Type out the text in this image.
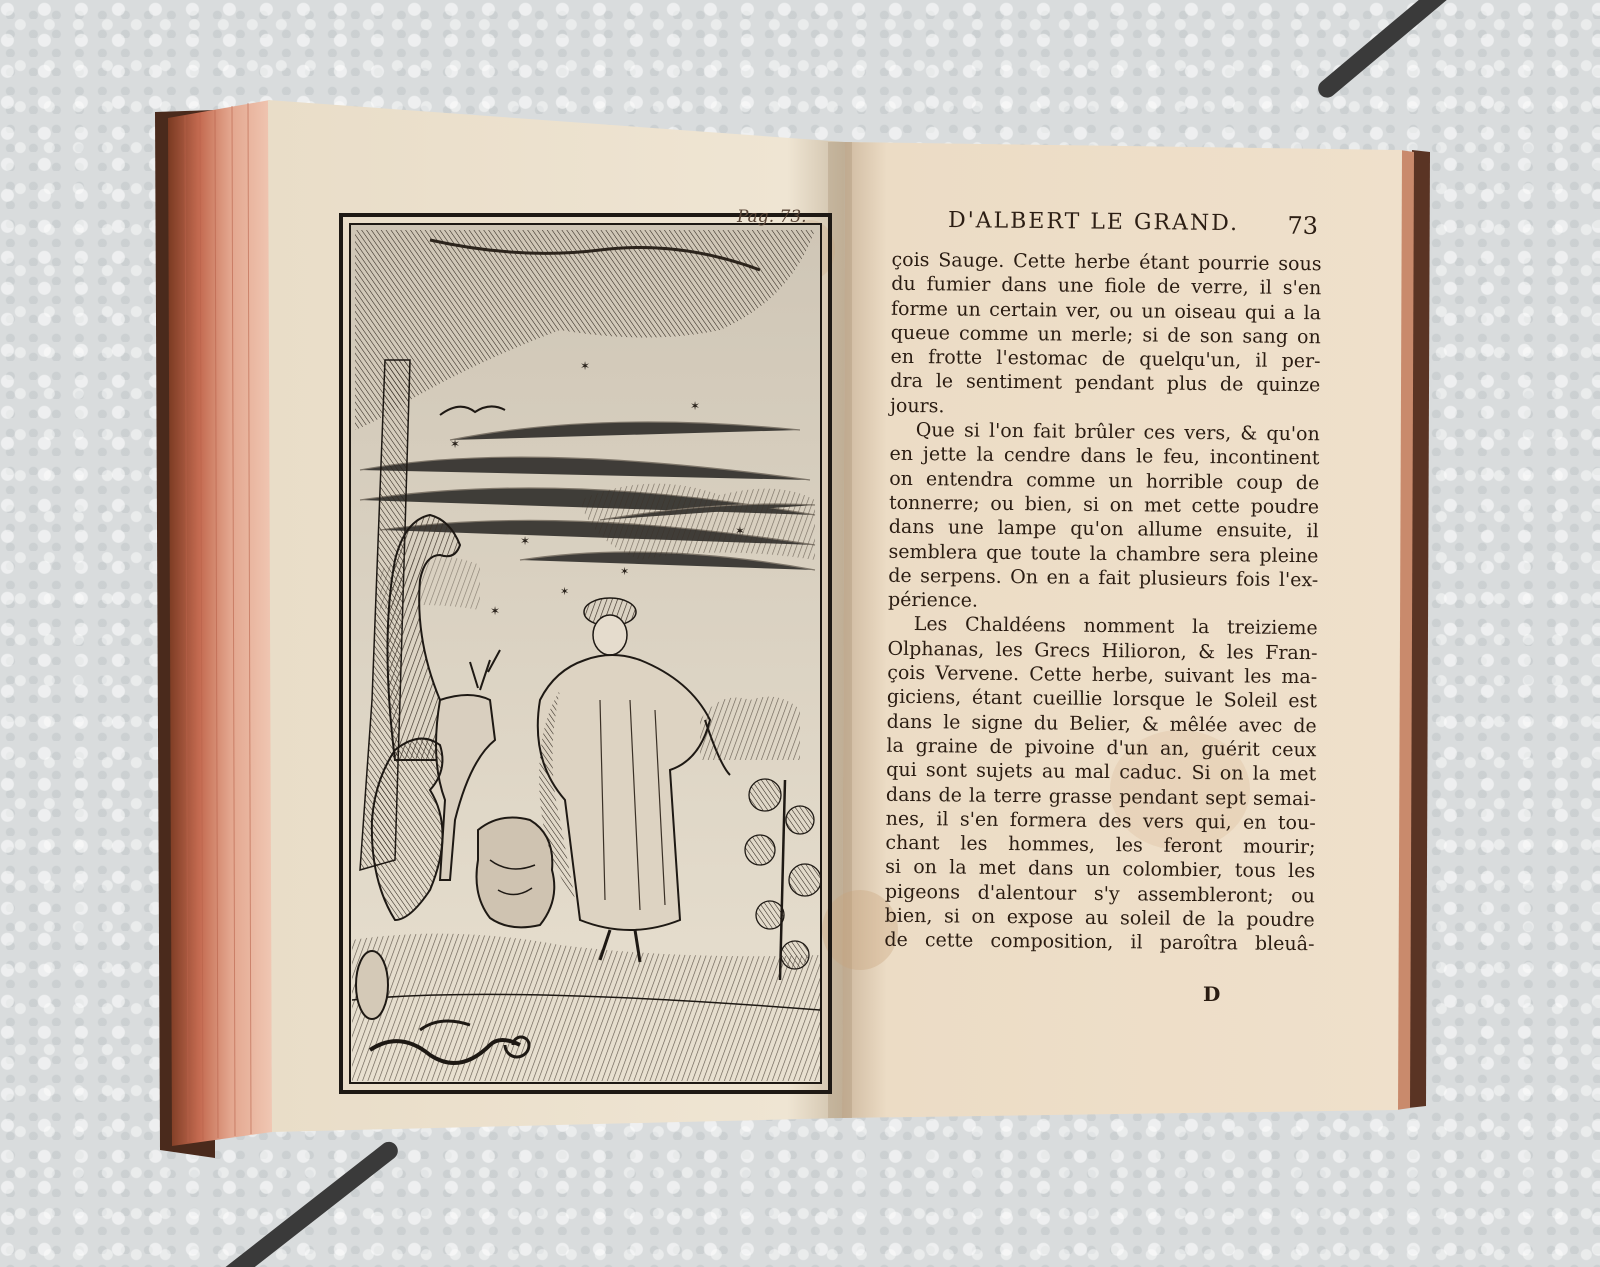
✶
✶
✶
✶
✶
✶
✶
✶
Pag. 73.	D'ALBERT LE GRAND. 73
çois Sauge. Cette herbe étant pourrie sous
du fumier dans une fiole de verre, il s'en
forme un certain ver, ou un oiseau qui a la
queue comme un merle; si de son sang on
en frotte l'estomac de quelqu'un, il per-
dra le sentiment pendant plus de quinze
jours.
Que si l'on fait brûler ces vers, & qu'on
en jette la cendre dans le feu, incontinent
on entendra comme un horrible coup de
tonnerre; ou bien, si on met cette poudre
dans une lampe qu'on allume ensuite, il
semblera que toute la chambre sera pleine
de serpens. On en a fait plusieurs fois l'ex-
périence.
Les Chaldéens nomment la treizieme
Olphanas, les Grecs Hilioron, & les Fran-
çois Vervene. Cette herbe, suivant les ma-
giciens, étant cueillie lorsque le Soleil est
dans le signe du Belier, & mêlée avec de
la graine de pivoine d'un an, guérit ceux
qui sont sujets au mal caduc. Si on la met
dans de la terre grasse pendant sept semai-
nes, il s'en formera des vers qui, en tou-
chant les hommes, les feront mourir;
si on la met dans un colombier, tous les
pigeons d'alentour s'y assembleront; ou
bien, si on expose au soleil de la poudre
de cette composition, il paroîtra bleuâ-
D
